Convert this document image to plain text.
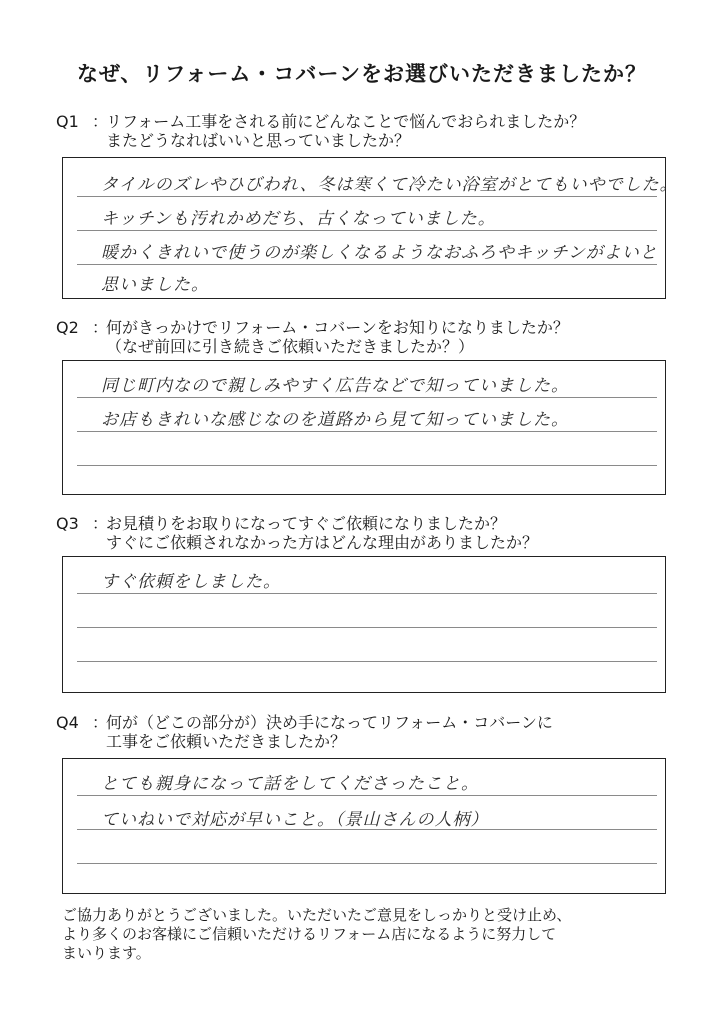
なぜ、リフォーム・コバーンをお選びいただきましたか？
Q1 ：リフォーム工事をされる前にどんなことで悩んでおられましたか？
またどうなればいいと思っていましたか？
タイルのズレやひびわれ、冬は寒くて冷たい浴室がとてもいやでした。
キッチンも汚れかめだち、古くなっていました。
暖かくきれいで使うのが楽しくなるようなおふろやキッチンがよいと
思いました。
Q2 ：何がきっかけでリフォーム・コバーンをお知りになりましたか？
（なぜ前回に引き続きご依頼いただきましたか？）
同じ町内なので親しみやすく広告などで知っていました。
お店もきれいな感じなのを道路から見て知っていました。
Q3 ：お見積りをお取りになってすぐご依頼になりましたか？
すぐにご依頼されなかった方はどんな理由がありましたか？
すぐ依頼をしました。
Q4 ：何が（どこの部分が）決め手になってリフォーム・コバーンに
工事をご依頼いただきましたか？
とても親身になって話をしてくださったこと。
ていねいで対応が早いこと。（景山さんの人柄）
ご協力ありがとうございました。いただいたご意見をしっかりと受け止め、
より多くのお客様にご信頼いただけるリフォーム店になるように努力して
まいります。
